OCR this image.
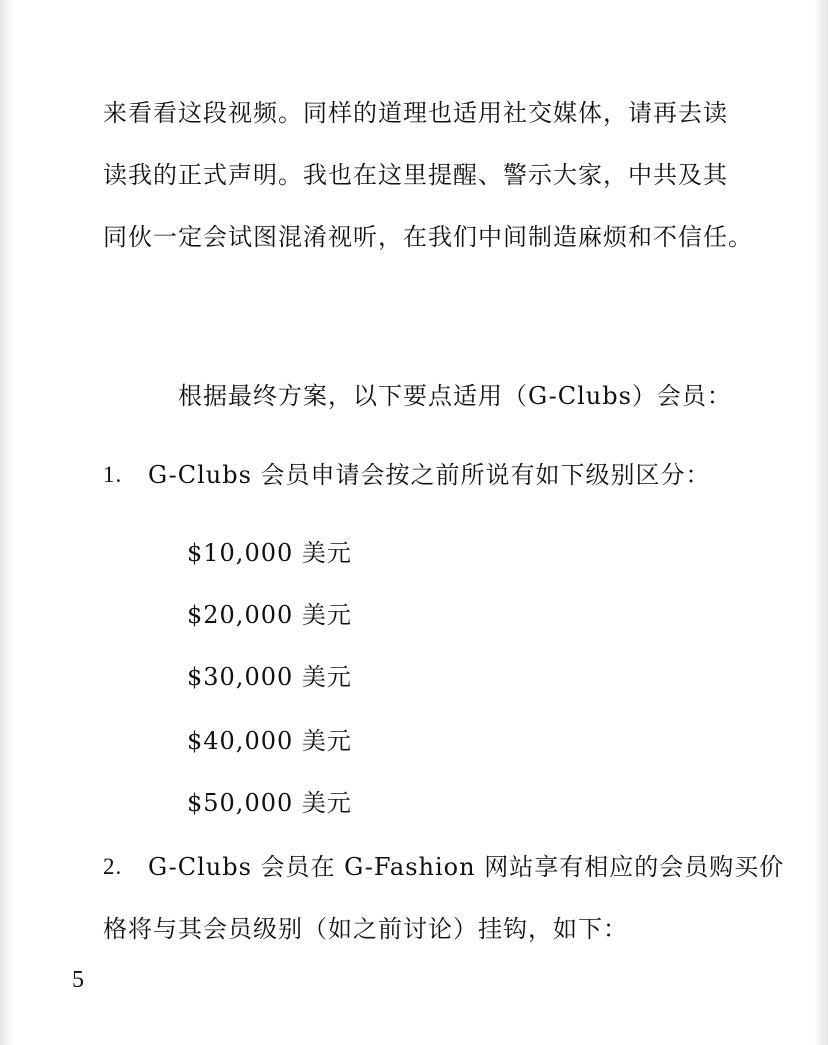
来看看这段视频。同样的道理也适用社交媒体，请再去读
读我的正式声明。我也在这里提醒、警示大家，中共及其
同伙一定会试图混淆视听，在我们中间制造麻烦和不信任。
根据最终方案，以下要点适用（G-Clubs）会员：
1. G-Clubs 会员申请会按之前所说有如下级别区分：
$10,000 美元
$20,000 美元
$30,000 美元
$40,000 美元
$50,000 美元
2. G-Clubs 会员在 G-Fashion 网站享有相应的会员购买价
格将与其会员级别（如之前讨论）挂钩，如下：
5
